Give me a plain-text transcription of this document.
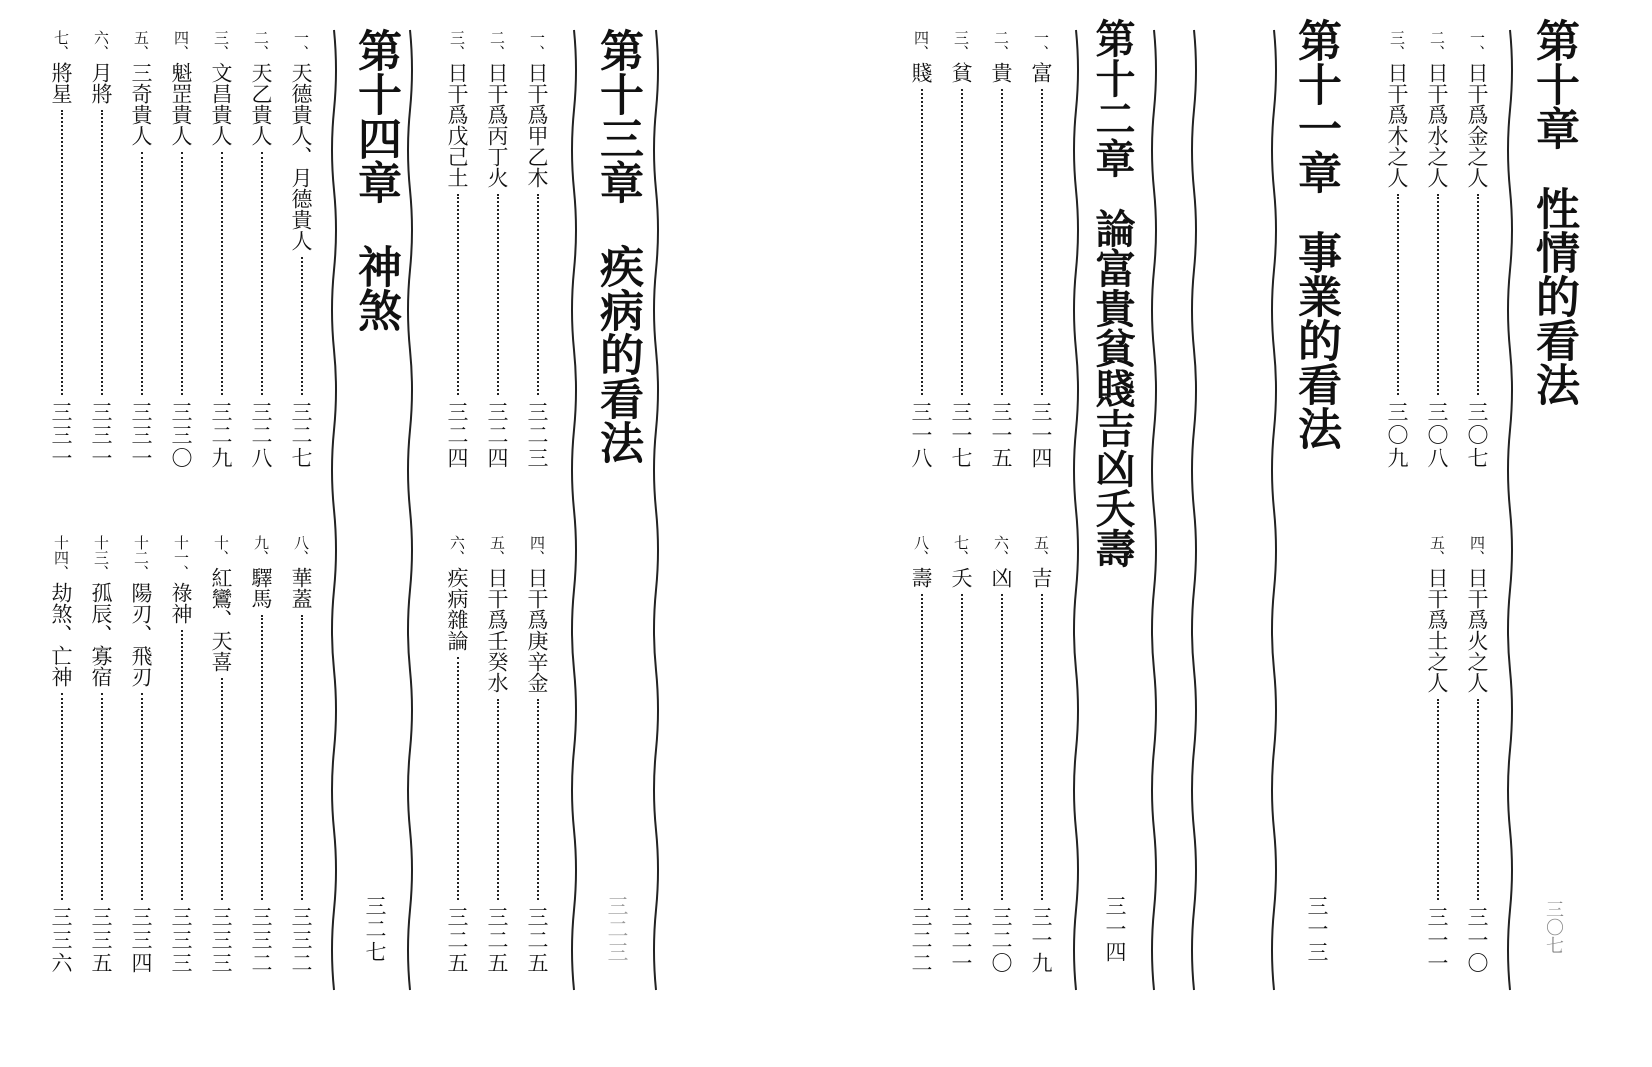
第十三章疾病的看法
三二三
一、
日干爲甲乙木
三二三
二、
日干爲丙丁火
三二四
三、
日干爲戊己土
三二四
四、
日干爲庚辛金
三二五
五、
日干爲壬癸水
三二五
六、
疾病雜論
三二五
第十四章神煞
三二七
一、
天德貴人、月德貴人
三二七
二、
天乙貴人
三二八
三、
文昌貴人
三二九
四、
魁罡貴人
三三〇
五、
三奇貴人
三三一
六、
月將
三三一
七、
將星
三三一
八、
華蓋
三三二
九、
驛馬
三三二
十、
紅鸞、天喜
三三三
十一、
祿神
三三三
十二、
陽刃、飛刃
三三四
十三、
孤辰、寡宿
三三五
十四、
劫煞、亡神
三三六
第十章性情的看法
三〇七
一、
日干爲金之人
三〇七
二、
日干爲水之人
三〇八
三、
日干爲木之人
三〇九
四、
日干爲火之人
三一〇
五、
日干爲土之人
三一一
第十一章事業的看法
三一三
第十二章論富貴貧賤吉凶夭壽
三一四
一、
富
三一四
二、
貴
三一五
三、
貧
三一七
四、
賤
三一八
五、
吉
三一九
六、
凶
三二〇
七、
夭
三二一
八、
壽
三二二
